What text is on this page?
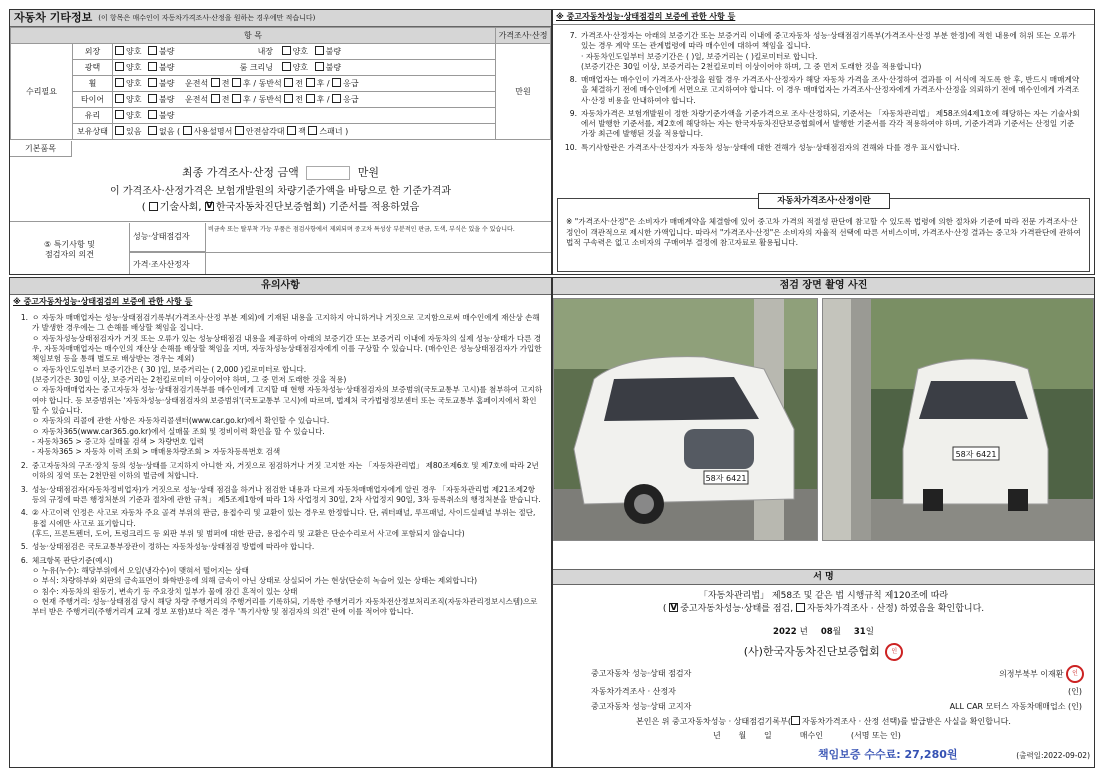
자동차 기타정보 (이 항목은 매수인이 자동차가격조사·산정을 원하는 경우에만 적습니다)
항 목			가격조사·산정
수리필요	외장	양호 불량 내장 양호 불량	만원
	광택	양호 불량 룸 크리닝 양호 불량	
	휠	양호 불량 운전석 전 후 / 동반석 전 후 / 응급	
	타이어	양호 불량 운전석 전 후 / 동반석 전 후 / 응급	
	유리	양호 불량	
	보유상태	있음 없음 ( 사용설명서 안전삼각대 잭 스패너 )	
기본품목
최종 가격조사·산정 금액	만원
이 가격조사·산정가격은 보험개발원의 차량기준가액을 바탕으로 한 기준가격과
( 기술사회, V 한국자동차진단보증협회) 기준서를 적용하였음
⑤ 특기사항 및
점검자의 의견
성능·상태점검자
비금속 또는 탈부착 가능 부품은 점검사항에서 제외되며 중고차 특성상 부분적인 판금, 도색, 부식은 있을 수 있습니다.
가격·조사산정자
※ 중고자동차성능·상태점검의 보증에 관한 사항 등
7. 가격조사·산정자는 아래의 보증기간 또는 보증거리 이내에 중고자동차 성능·상태점검기록부(가격조사·산정 부분 한정)에 적힌 내용에 허위 또는 오류가 있는 경우 계약 또는 관계법령에 따라 매수인에 대하여 책임을 집니다.
· 자동차인도일부터 보증기간은 ( )일, 보증거리는 ( )킬로미터로 합니다.
(보증기간은 30일 이상, 보증거리는 2천킬로미터 이상이어야 하며, 그 중 먼저 도래한 것을 적용합니다)
8. 매매업자는 매수인이 가격조사·산정을 원할 경우 가격조사·산정자가 해당 자동차 가격을 조사·산정하여 결과를 이 서식에 적도록 한 후, 반드시 매매계약을 체결하기 전에 매수인에게 서면으로 고지하여야 합니다. 이 경우 매매업자는 가격조사·산정자에게 가격조사·산정을 의뢰하기 전에 매수인에게 가격조사·산정 비용을 안내하여야 합니다.
9. 자동차가격은 보험개발원이 정한 차량기준가액을 기준가격으로 조사·산정하되, 기준서는 「자동차관리법」 제58조의4제1호에 해당하는 자는 기술사회에서 발행한 기준서를, 제2호에 해당하는 자는 한국자동차진단보증협회에서 발행한 기준서를 각각 적용하여야 하며, 기준가격과 기준서는 산정일 기준 가장 최근에 발행된 것을 적용합니다.
10. 특기사항란은 가격조사·산정자가 자동차 성능·상태에 대한 견해가 성능·상태점검자의 견해와 다를 경우 표시합니다.
자동차가격조사·산정이란
※ "가격조사·산정"은 소비자가 매매계약을 체결함에 있어 중고차 가격의 적절성 판단에 참고할 수 있도록 법령에 의한 절차와 기준에 따라 전문 가격조사·산정인이 객관적으로 제시한 가액입니다. 따라서 "가격조사·산정"은 소비자의 자율적 선택에 따른 서비스이며, 가격조사·산정 결과는 중고차 가격판단에 관하여 법적 구속력은 없고 소비자의 구매여부 결정에 참고자료로 활용됩니다.
유의사항
※ 중고자동차성능·상태점검의 보증에 관한 사항 등
1. ㅇ 자동차 매매업자는 성능·상태점검기록부(가격조사·산정 부분 제외)에 기재된 내용을 고지하지 아니하거나 거짓으로 고지함으로써 매수인에게 재산상 손해가 발생한 경우에는 그 손해를 배상할 책임을 집니다.
ㅇ 자동차성능상태점검자가 거짓 또는 오류가 있는 성능상태점검 내용을 제공하여 아래의 보증기간 또는 보증거리 이내에 자동차의 실제 성능·상태가 다른 경우, 자동차매매업자는 매수인의 재산상 손해를 배상할 책임을 지며, 자동차성능상태점검자에게 이를 구상할 수 있습니다. (매수인은 성능상태점검자가 가입한 책임보험 등을 통해 별도로 배상받는 경우는 제외)
ㅇ 자동차인도일부터 보증기간은 ( 30 )일, 보증거리는 ( 2,000 )킬로미터로 합니다.
(보증기간은 30일 이상, 보증거리는 2천킬로미터 이상이어야 하며, 그 중 먼저 도래한 것을 적용)
ㅇ 자동차매매업자는 중고자동차 성능·상태점검기록부를 매수인에게 고지할 때 현행 자동차성능·상태점검자의 보증범위(국토교통부 고시)를 첨부하여 고지하여야 합니다. 등 보증범위는 '자동차성능·상태점검자의 보증범위'(국토교통부 고시)에 따르며, 법제처 국가법령정보센터 또는 국토교통부 홈페이지에서 확인할 수 있습니다.
ㅇ 자동차의 리콜에 관한 사항은 자동차리콜센터(www.car.go.kr)에서 확인할 수 있습니다.
ㅇ 자동차365(www.car365.go.kr)에서 실매물 조회 및 정비이력 확인을 할 수 있습니다.
- 자동차365 > 중고차 실매물 검색 > 차량번호 입력
- 자동차365 > 자동차 이력 조회 > 매매용차량조회 > 자동차등록번호 검색
2. 중고자동차의 구조·장치 등의 성능·상태를 고지하지 아니한 자, 거짓으로 점검하거나 거짓 고지한 자는 「자동차관리법」 제80조제6호 및 제7호에 따라 2년 이하의 징역 또는 2천만원 이하의 벌금에 처합니다.
3. 성능·상태점검자(자동차정비업자)가 거짓으로 성능·상태 점검을 하거나 점검한 내용과 다르게 자동차매매업자에게 알린 경우 「자동차관리법 제21조제2항 등의 규정에 따른 행정처분의 기준과 절차에 관한 규칙」 제5조제1항에 따라 1차 사업정지 30일, 2차 사업정지 90일, 3차 등록취소의 행정처분을 받습니다.
4. ② 사고이력 인정은 사고로 자동차 주요 골격 부위의 판금, 용접수리 및 교환이 있는 경우로 한정합니다. 단, 쿼터패널, 루프패널, 사이드실패널 부위는 절단, 용접 시에만 사고로 표기합니다.
(후드, 프론트펜더, 도어, 트렁크리드 등 외판 부위 및 범퍼에 대한 판금, 용접수리 및 교환은 단순수리로서 사고에 포함되지 않습니다)
5. 성능·상태점검은 국토교통부장관이 정하는 자동차성능·상태점검 방법에 따라야 합니다.
6. 체크항목 판단기준(예시)
ㅇ 누유(누수): 해당부위에서 오일(냉각수)이 맺혀서 떨어지는 상태
ㅇ 부식: 차량하부와 외판의 금속표면이 화학반응에 의해 금속이 아닌 상태로 상실되어 가는 현상(단순히 녹슬어 있는 상태는 제외합니다)
ㅇ 침수: 자동차의 원동기, 변속기 등 주요장치 일부가 물에 잠긴 흔적이 있는 상태
ㅇ 현재 주행거리: 성능·상태점검 당시 해당 차량 주행거리의 주행거리를 기록하되, 기록한 주행거리가 자동차전산정보처리조직(자동차관리정보시스템)으로부터 받은 주행거리(주행거리계 교체 정보 포함)보다 적은 경우 '특기사항 및 점검자의 의견' 란에 이를 적어야 합니다.
점검 장면 촬영 사진
58자 6421
58자 6421
서 명
「자동차관리법」 제58조 및 같은 법 시행규칙 제120조에 따라
( V중고자동차성능·상태를 점검, 자동차가격조사 · 산정) 하였음을 확인합니다.
2022 년 08월 31일
(사)한국자동차진단보증협회 인
중고자동차 성능·상태 점검자	의정부북부 이재환 인
자동차가격조사 · 산정자	(인)
중고자동차 성능·상태 고지자	ALL CAR 모터스 자동차매매업소 (인)
본인은 위 중고자동차성능 · 상태점검기록부( 자동차가격조사 · 산정 선택)를 발급받은 사실을 확인합니다.
년       월       일           매수인           (서명 또는 인)
책임보증 수수료: 27,280원	(출력일:2022-09-02)
